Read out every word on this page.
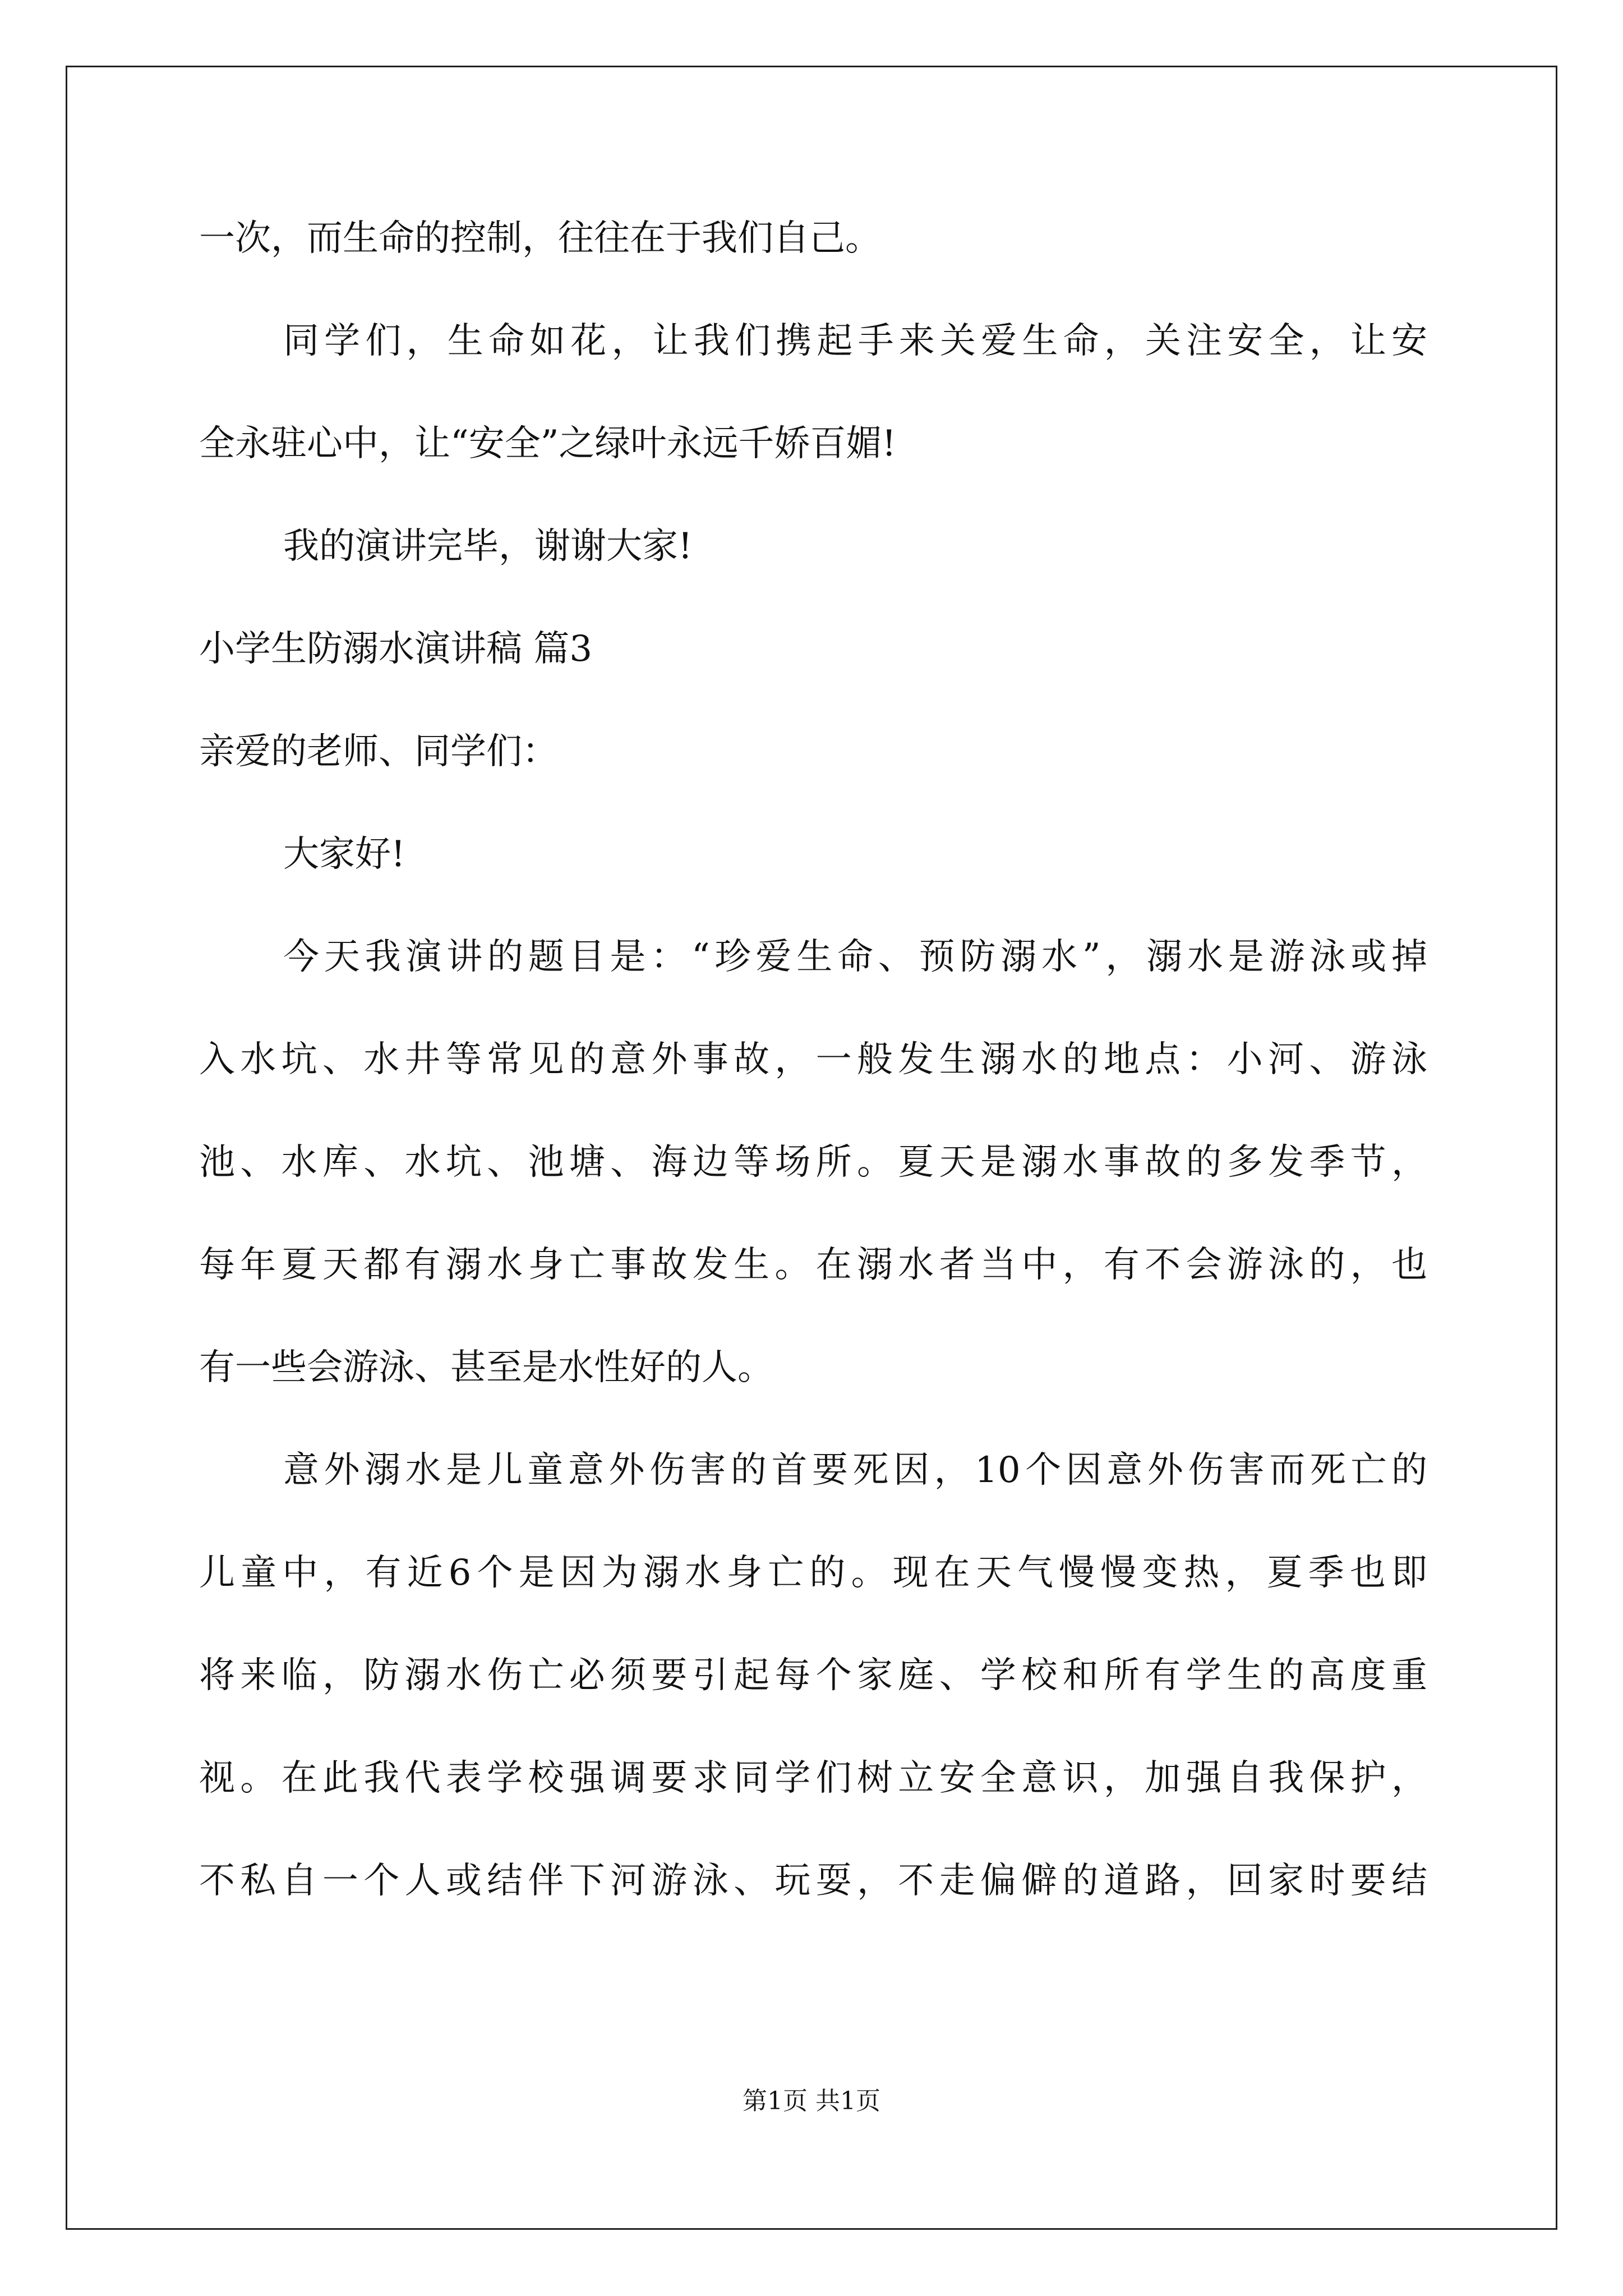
一次，而生命的控制，往往在于我们自己。
同学们，生命如花，让我们携起手来关爱生命，关注安全，让安
全永驻心中，让“安全”之绿叶永远千娇百媚!
我的演讲完毕，谢谢大家!
小学生防溺水演讲稿 篇3
亲爱的老师、同学们：
大家好!
今天我演讲的题目是：“珍爱生命、预防溺水”，溺水是游泳或掉
入水坑、水井等常见的意外事故，一般发生溺水的地点：小河、游泳
池、水库、水坑、池塘、海边等场所。夏天是溺水事故的多发季节，
每年夏天都有溺水身亡事故发生。在溺水者当中，有不会游泳的，也
有一些会游泳、甚至是水性好的人。
意外溺水是儿童意外伤害的首要死因，10个因意外伤害而死亡的
儿童中，有近6个是因为溺水身亡的。现在天气慢慢变热，夏季也即
将来临，防溺水伤亡必须要引起每个家庭、学校和所有学生的高度重
视。在此我代表学校强调要求同学们树立安全意识，加强自我保护，
不私自一个人或结伴下河游泳、玩耍，不走偏僻的道路，回家时要结
第1页 共1页
